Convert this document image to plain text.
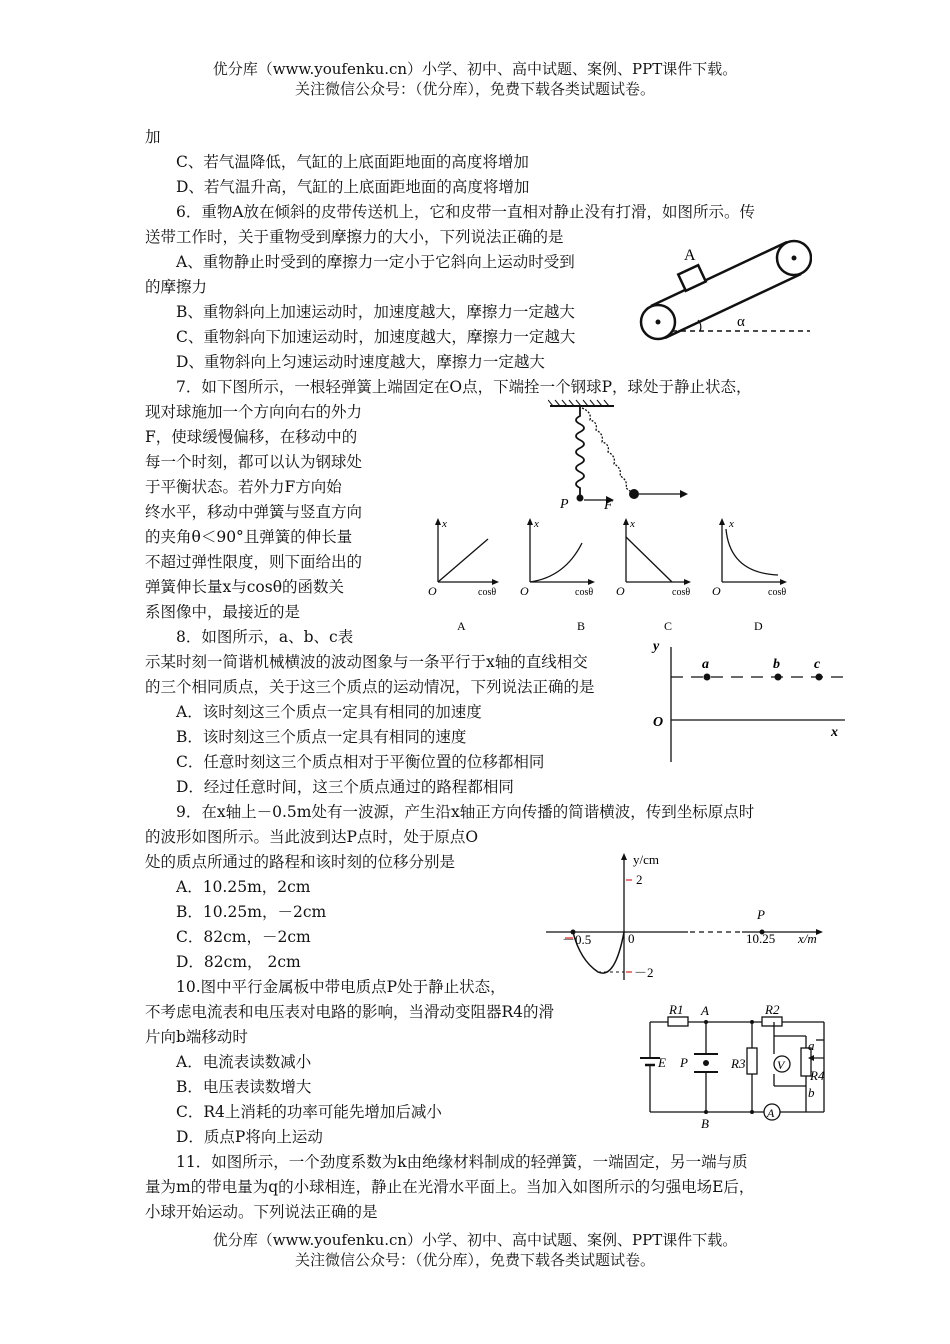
优分库（www.youfenku.cn）小学、初中、高中试题、案例、PPT课件下载。
关注微信公众号：（优分库），免费下载各类试题试卷。
加
C、若气温降低，气缸的上底面距地面的高度将增加
D、若气温升高，气缸的上底面距地面的高度将增加
6．重物A放在倾斜的皮带传送机上，它和皮带一直相对静止没有打滑，如图所示。传
送带工作时，关于重物受到摩擦力的大小，下列说法正确的是
A、重物静止时受到的摩擦力一定小于它斜向上运动时受到
的摩擦力
B、重物斜向上加速运动时，加速度越大，摩擦力一定越大
C、重物斜向下加速运动时，加速度越大，摩擦力一定越大
D、重物斜向上匀速运动时速度越大，摩擦力一定越大
7．如下图所示，一根轻弹簧上端固定在O点，下端拴一个钢球P，球处于静止状态，
现对球施加一个方向向右的外力
F，使球缓慢偏移，在移动中的
每一个时刻，都可以认为钢球处
于平衡状态。若外力F方向始
终水平，移动中弹簧与竖直方向
的夹角θ＜90°且弹簧的伸长量
不超过弹性限度，则下面给出的
弹簧伸长量x与cosθ的函数关
系图像中，最接近的是
8．如图所示，a、b、c表
示某时刻一简谐机械横波的波动图象与一条平行于x轴的直线相交
的三个相同质点，关于这三个质点的运动情况，下列说法正确的是
A．该时刻这三个质点一定具有相同的加速度
B．该时刻这三个质点一定具有相同的速度
C．任意时刻这三个质点相对于平衡位置的位移都相同
D．经过任意时间，这三个质点通过的路程都相同
9．在x轴上－0.5m处有一波源，产生沿x轴正方向传播的简谐横波，传到坐标原点时
的波形如图所示。当此波到达P点时，处于原点O
处的质点所通过的路程和该时刻的位移分别是
A．10.25m，2cm
B．10.25m，－2cm
C．82cm，－2cm
D．82cm， 2cm
10.图中平行金属板中带电质点P处于静止状态，
不考虑电流表和电压表对电路的影响，当滑动变阻器R4的滑
片向b端移动时
A．电流表读数减小
B．电压表读数增大
C．R4上消耗的功率可能先增加后减小
D．质点P将向上运动
11．如图所示，一个劲度系数为k由绝缘材料制成的轻弹簧，一端固定，另一端与质
量为m的带电量为q的小球相连，静止在光滑水平面上。当加入如图所示的匀强电场E后，
小球开始运动。下列说法正确的是
A
α
P	F
x
O	cosθ
A
x
O	cosθ
B
x
O	cosθ
C
x
O	cosθ
D
y
O
x
a	b c
y/cm
2
－2
－0.5	0
P
10.25 x/m
R1	R2
R3
R4
A
B
E P	V
A
a
b
优分库（www.youfenku.cn）小学、初中、高中试题、案例、PPT课件下载。
关注微信公众号：（优分库），免费下载各类试题试卷。
